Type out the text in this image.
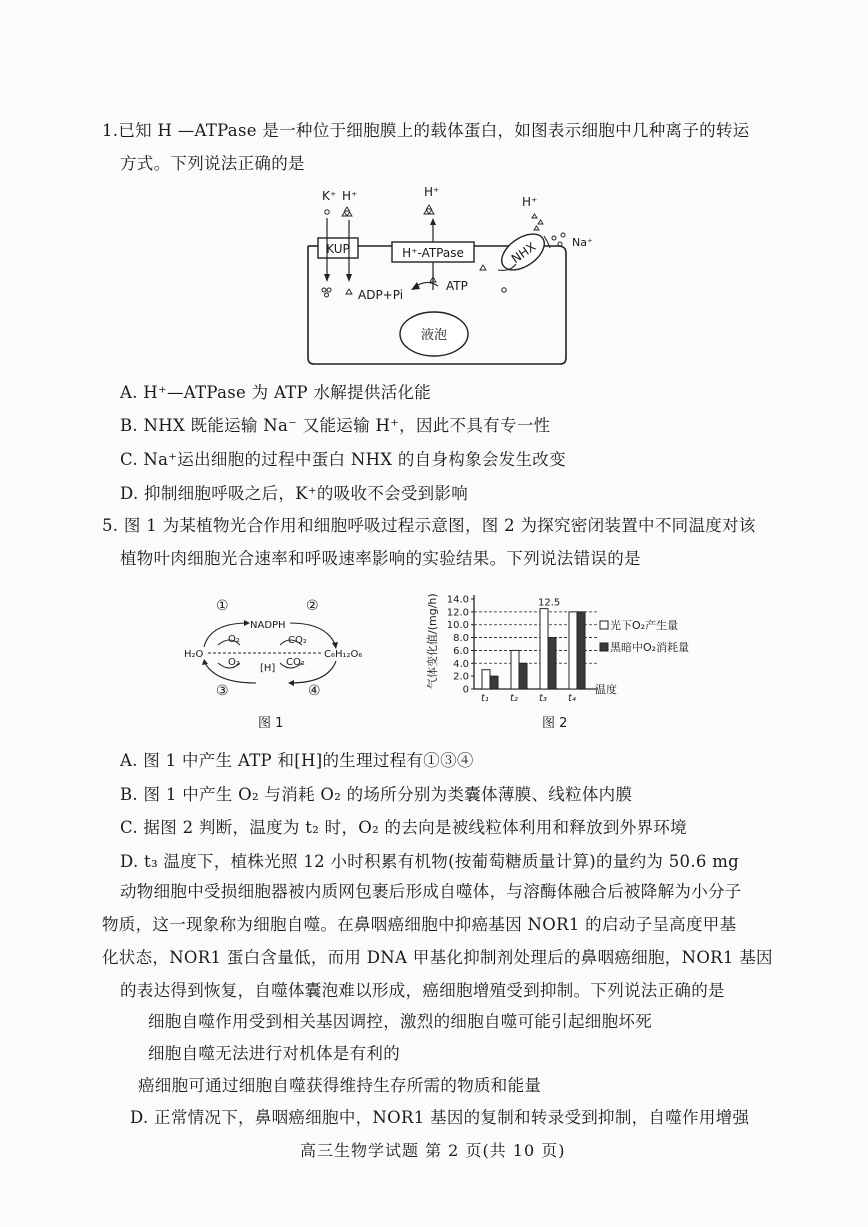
1.已知 H —ATPase 是一种位于细胞膜上的载体蛋白，如图表示细胞中几种离子的转运
方式。下列说法正确的是
KUP
K⁺ H⁺
H⁺-ATPase
H⁺
ADP+Pi
ATP
NHX
H⁺
Na⁺
液泡
A. H⁺—ATPase 为 ATP 水解提供活化能
B. NHX 既能运输 Na⁻ 又能运输 H⁺，因此不具有专一性
C. Na⁺运出细胞的过程中蛋白 NHX 的自身构象会发生改变
D. 抑制细胞呼吸之后，K⁺的吸收不会受到影响
5. 图 1 为某植物光合作用和细胞呼吸过程示意图，图 2 为探究密闭装置中不同温度对该
植物叶肉细胞光合速率和呼吸速率影响的实验结果。下列说法错误的是
①	②
③	④
NADPH
O₂	CO₂
H₂O
O₂
[H]
CO₂
C₆H₁₂O₆
图 1
气体变化值/(mg/h)
0
2.0
4.0
6.0
8.0
10.0
12.0
14.0	12.5
t₁ t₂ t₃ t₄
温度
光下O₂产生量
黑暗中O₂消耗量
图 2
A. 图 1 中产生 ATP 和[H]的生理过程有①③④
B. 图 1 中产生 O₂ 与消耗 O₂ 的场所分别为类囊体薄膜、线粒体内膜
C. 据图 2 判断，温度为 t₂ 时，O₂ 的去向是被线粒体利用和释放到外界环境
D. t₃ 温度下，植株光照 12 小时积累有机物(按葡萄糖质量计算)的量约为 50.6 mg
动物细胞中受损细胞器被内质网包裹后形成自噬体，与溶酶体融合后被降解为小分子
物质，这一现象称为细胞自噬。在鼻咽癌细胞中抑癌基因 NOR1 的启动子呈高度甲基
化状态，NOR1 蛋白含量低，而用 DNA 甲基化抑制剂处理后的鼻咽癌细胞，NOR1 基因
的表达得到恢复，自噬体囊泡难以形成，癌细胞增殖受到抑制。下列说法正确的是
细胞自噬作用受到相关基因调控，激烈的细胞自噬可能引起细胞坏死
细胞自噬无法进行对机体是有利的
癌细胞可通过细胞自噬获得维持生存所需的物质和能量
D. 正常情况下，鼻咽癌细胞中，NOR1 基因的复制和转录受到抑制，自噬作用增强
高三生物学试题 第 2 页(共 10 页)
